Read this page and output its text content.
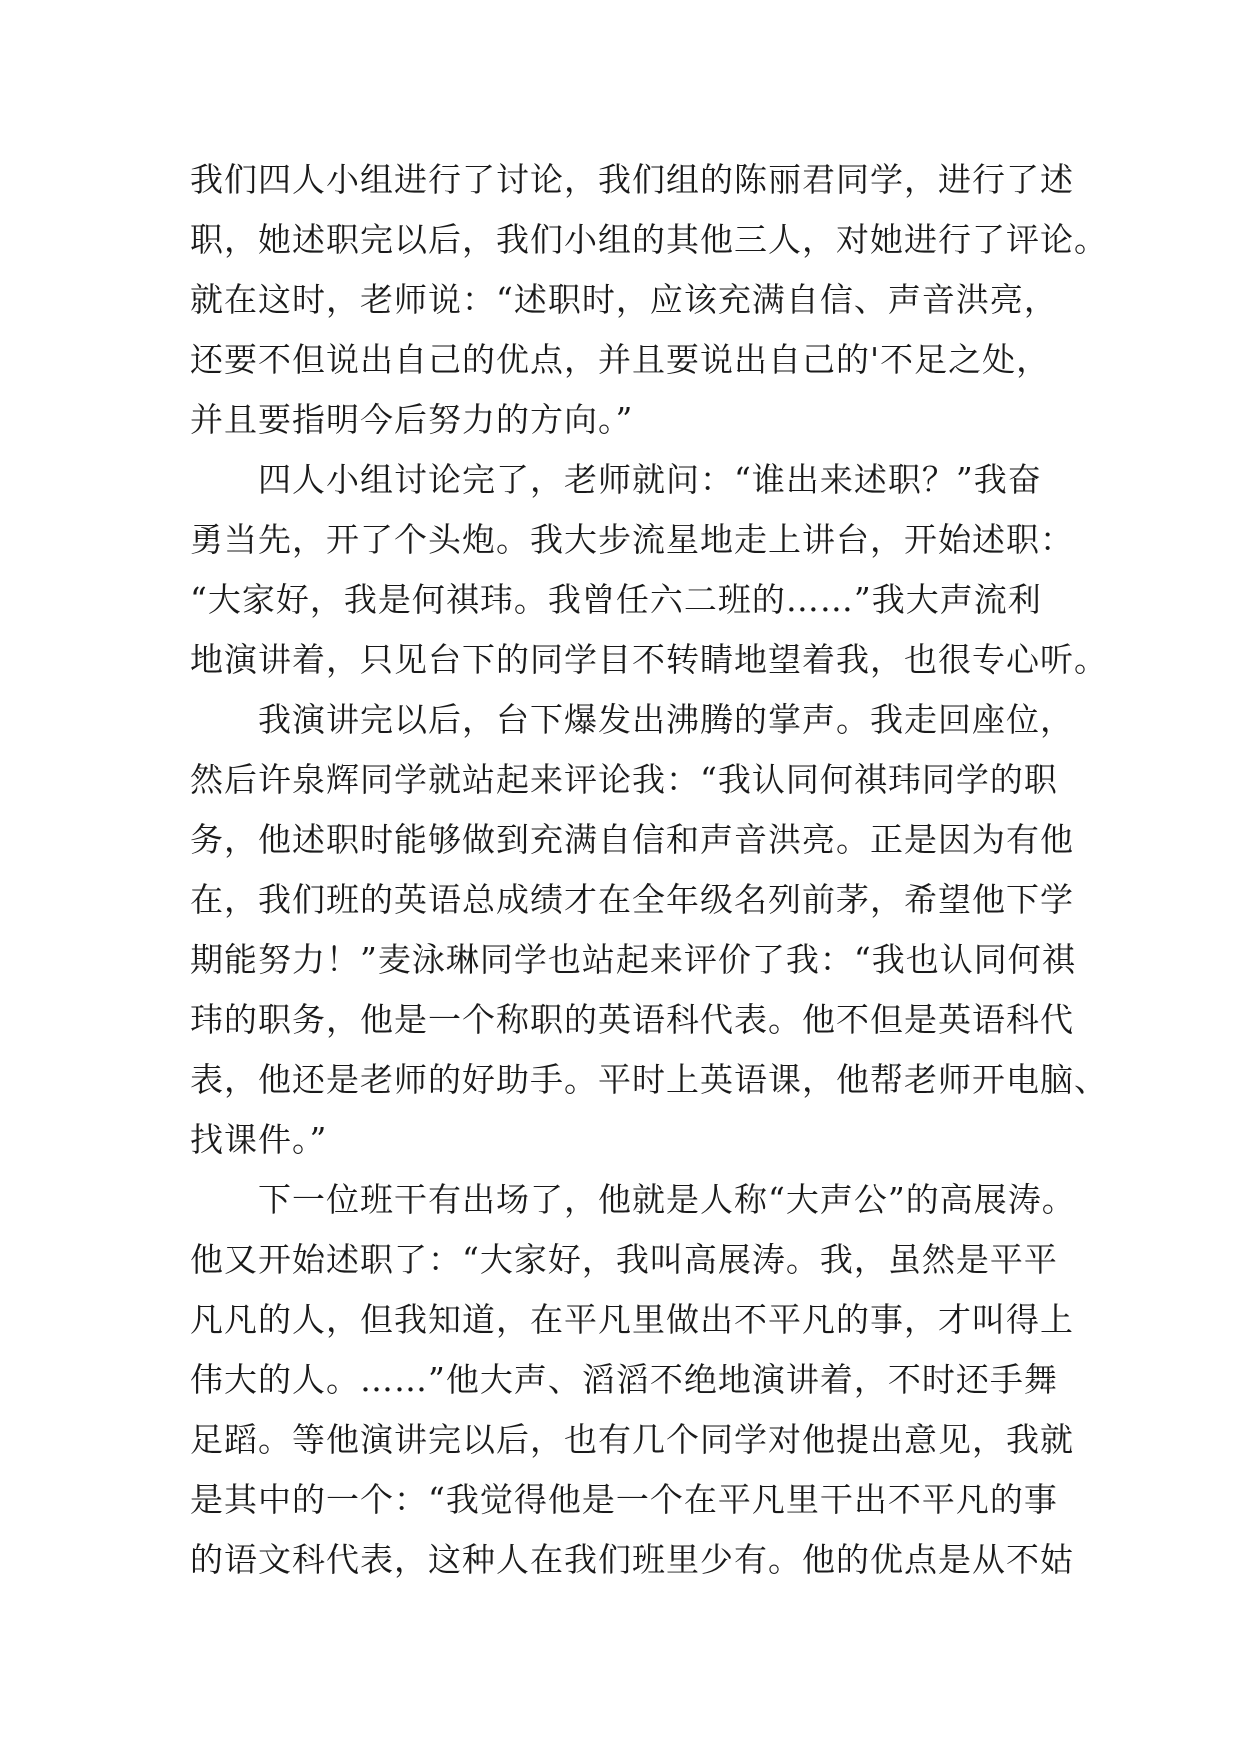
我们四人小组进行了讨论，我们组的陈丽君同学，进行了述
职，她述职完以后，我们小组的其他三人，对她进行了评论。
就在这时，老师说：“述职时，应该充满自信、声音洪亮，
还要不但说出自己的优点，并且要说出自己的'不足之处，
并且要指明今后努力的方向。”
　　四人小组讨论完了，老师就问：“谁出来述职？”我奋
勇当先，开了个头炮。我大步流星地走上讲台，开始述职：
“大家好，我是何祺玮。我曾任六二班的……”我大声流利
地演讲着，只见台下的同学目不转睛地望着我，也很专心听。
　　我演讲完以后，台下爆发出沸腾的掌声。我走回座位，
然后许泉辉同学就站起来评论我：“我认同何祺玮同学的职
务，他述职时能够做到充满自信和声音洪亮。正是因为有他
在，我们班的英语总成绩才在全年级名列前茅，希望他下学
期能努力！”麦泳琳同学也站起来评价了我：“我也认同何祺
玮的职务，他是一个称职的英语科代表。他不但是英语科代
表，他还是老师的好助手。平时上英语课，他帮老师开电脑、
找课件。”
　　下一位班干有出场了，他就是人称“大声公”的高展涛。
他又开始述职了：“大家好，我叫高展涛。我，虽然是平平
凡凡的人，但我知道，在平凡里做出不平凡的事，才叫得上
伟大的人。……”他大声、滔滔不绝地演讲着，不时还手舞
足蹈。等他演讲完以后，也有几个同学对他提出意见，我就
是其中的一个：“我觉得他是一个在平凡里干出不平凡的事
的语文科代表，这种人在我们班里少有。他的优点是从不姑
